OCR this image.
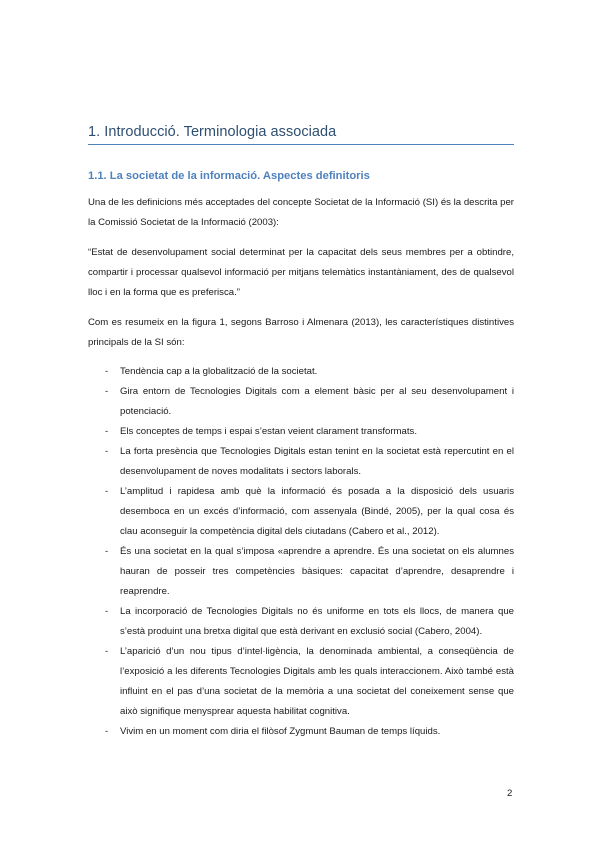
1. Introducció. Terminologia associada
1.1. La societat de la informació. Aspectes definitoris
Una de les definicions més acceptades del concepte Societat de la Informació (SI) és la descrita per la Comissió Societat de la Informació (2003):
“Estat de desenvolupament social determinat per la capacitat dels seus membres per a obtindre, compartir i processar qualsevol informació per mitjans telemàtics instantàniament, des de qualsevol lloc i en la forma que es preferisca.”
Com es resumeix en la figura 1, segons Barroso i Almenara (2013), les característiques distintives principals de la SI són:
- Tendència cap a la globalització de la societat.
- Gira entorn de Tecnologies Digitals com a element bàsic per al seu desenvolupament i potenciació.
- Els conceptes de temps i espai s’estan veient clarament transformats.
- La forta presència que Tecnologies Digitals estan tenint en la societat està repercutint en el desenvolupament de noves modalitats i sectors laborals.
- L’amplitud i rapidesa amb què la informació és posada a la disposició dels usuaris desemboca en un excés d’informació, com assenyala (Bindé, 2005), per la qual cosa és clau aconseguir la competència digital dels ciutadans (Cabero et al., 2012).
- És una societat en la qual s’imposa «aprendre a aprendre. És una societat on els alumnes hauran de posseir tres competències bàsiques: capacitat d’aprendre, desaprendre i reaprendre.
- La incorporació de Tecnologies Digitals no és uniforme en tots els llocs, de manera que s’està produint una bretxa digital que està derivant en exclusió social (Cabero, 2004).
- L’aparició d’un nou tipus d’intel·ligència, la denominada ambiental, a conseqüència de l’exposició a les diferents Tecnologies Digitals amb les quals interaccionem. Això també està influint en el pas d’una societat de la memòria a una societat del coneixement sense que això signifique menysprear aquesta habilitat cognitiva.
- Vivim en un moment com diria el filòsof Zygmunt Bauman de temps líquids.
2
